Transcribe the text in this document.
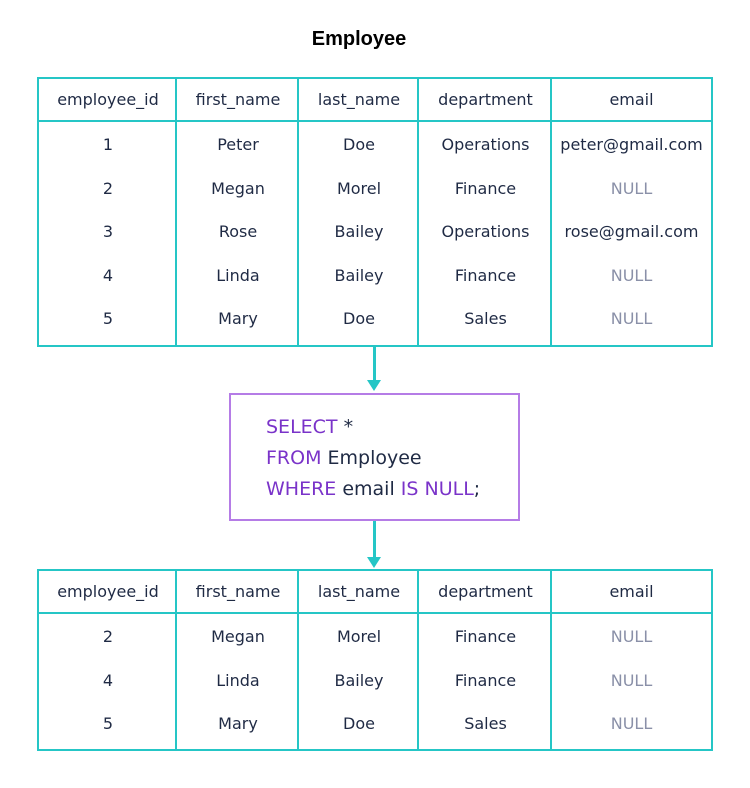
Employee
employee_id	first_name	last_name	department	email
1	Peter	Doe	Operations	peter@gmail.com
2	Megan	Morel	Finance	NULL
3	Rose	Bailey	Operations	rose@gmail.com
4	Linda	Bailey	Finance	NULL
5	Mary	Doe	Sales	NULL
SELECT *
FROM Employee
WHERE email IS NULL;
employee_id	first_name	last_name	department	email
2	Megan	Morel	Finance	NULL
4	Linda	Bailey	Finance	NULL
5	Mary	Doe	Sales	NULL
